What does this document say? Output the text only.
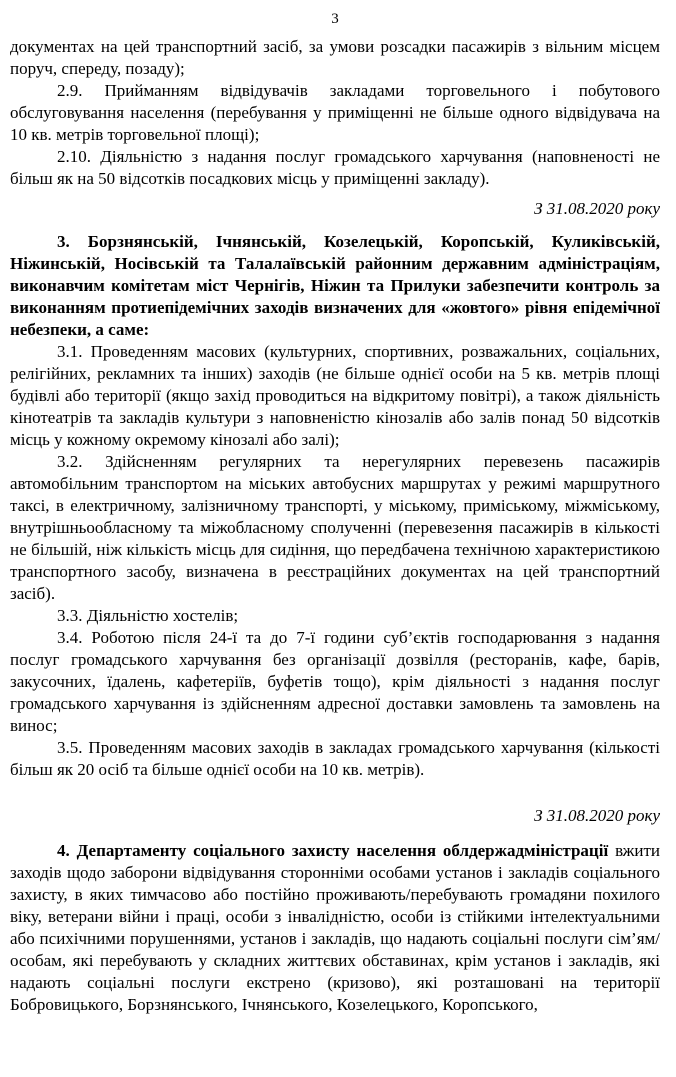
3

документах на цей транспортний засіб, за умови розсадки пасажирів з вільним місцем поруч, спереду, позаду);

2.9. Прийманням відвідувачів закладами торговельного і побутового обслуговування населення (перебування у приміщенні не більше одного відвідувача на 10 кв. метрів торговельної площі);

2.10. Діяльністю з надання послуг громадського харчування (наповненості не більш як на 50 відсотків посадкових місць у приміщенні закладу).

З 31.08.2020 року

3. Борзнянській, Ічнянській, Козелецькій, Коропській, Куликівській, Ніжинській, Носівській та Талалаївській районним державним адміністраціям, виконавчим комітетам міст Чернігів, Ніжин та Прилуки забезпечити контроль за виконанням протиепідемічних заходів визначених для «жовтого» рівня епідемічної небезпеки, а саме:

3.1. Проведенням масових (культурних, спортивних, розважальних, соціальних, релігійних, рекламних та інших) заходів (не більше однієї особи на 5 кв. метрів площі будівлі або території (якщо захід проводиться на відкритому повітрі), а також діяльність кінотеатрів та закладів культури з наповненістю кінозалів або залів понад 50 відсотків місць у кожному окремому кінозалі або залі);

3.2. Здійсненням регулярних та нерегулярних перевезень пасажирів автомобільним транспортом на міських автобусних маршрутах у режимі маршрутного таксі, в електричному, залізничному транспорті, у міському, приміському, міжміському, внутрішньообласному та міжобласному сполученні (перевезення пасажирів в кількості не більшій, ніж кількість місць для сидіння, що передбачена технічною характеристикою транспортного засобу, визначена в реєстраційних документах на цей транспортний засіб).

3.3. Діяльністю хостелів;

3.4. Роботою після 24-ї та до 7-ї години суб’єктів господарювання з надання послуг громадського харчування без організації дозвілля (ресторанів, кафе, барів, закусочних, їдалень, кафетеріїв, буфетів тощо), крім діяльності з надання послуг громадського харчування із здійсненням адресної доставки замовлень та замовлень на винос;

3.5. Проведенням масових заходів в закладах громадського харчування (кількості більш як 20 осіб та більше однієї особи на 10 кв. метрів).

З 31.08.2020 року

4. Департаменту соціального захисту населення облдержадміністрації вжити заходів щодо заборони відвідування сторонніми особами установ і закладів соціального захисту, в яких тимчасово або постійно проживають/перебувають громадяни похилого віку, ветерани війни і праці, особи з інвалідністю, особи із стійкими інтелектуальними або психічними порушеннями, установ і закладів, що надають соціальні послуги сім’ям/особам, які перебувають у складних життєвих обставинах, крім установ і закладів, які надають соціальні послуги екстрено (кризово), які розташовані на території Бобровицького, Борзнянського, Ічнянського, Козелецького, Коропського,
